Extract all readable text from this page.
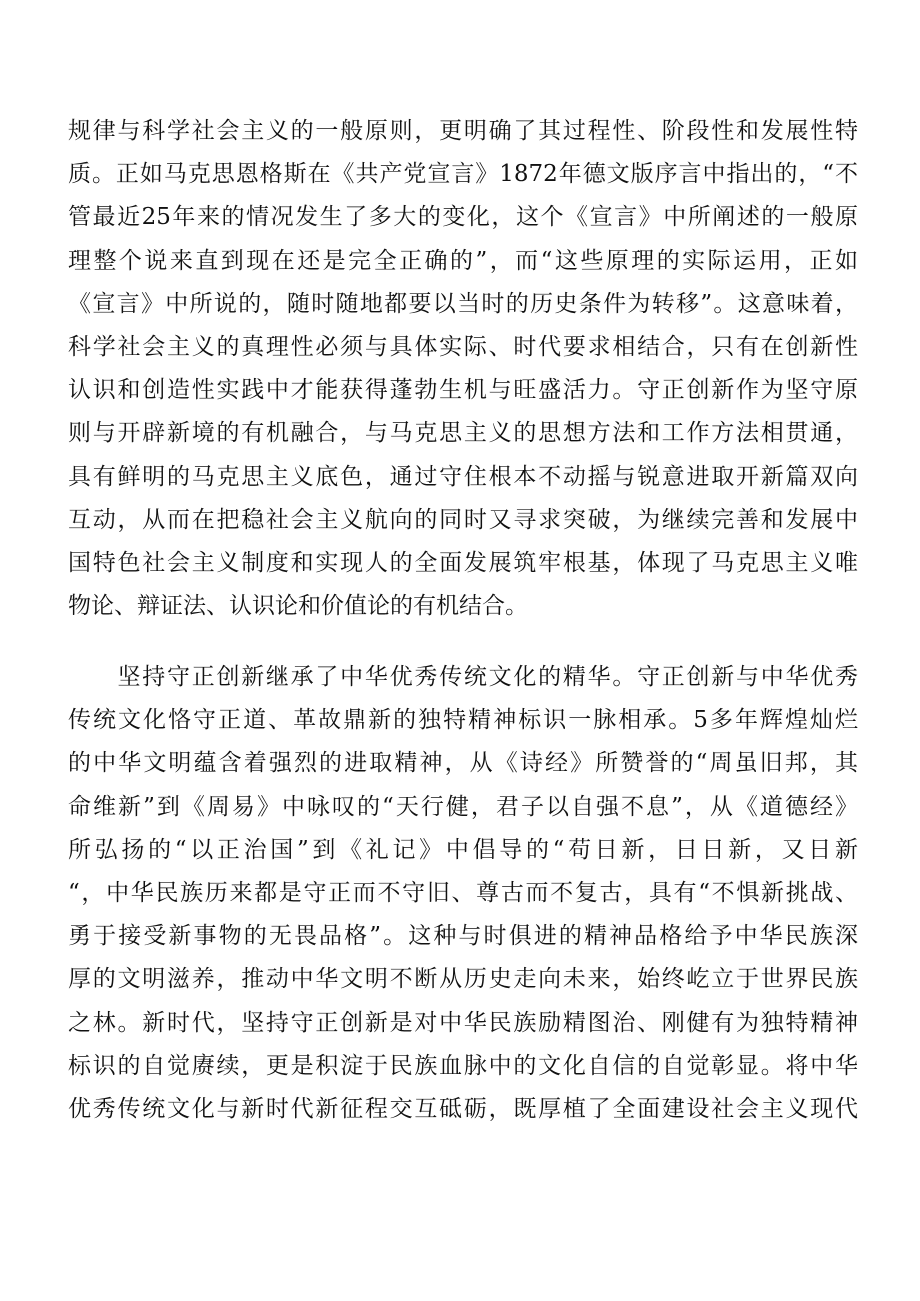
规律与科学社会主义的一般原则，更明确了其过程性、阶段性和发展性特
质。正如马克思恩格斯在《共产党宣言》1872年德文版序言中指出的，“不
管最近25年来的情况发生了多大的变化，这个《宣言》中所阐述的一般原
理整个说来直到现在还是完全正确的”，而“这些原理的实际运用，正如
《宣言》中所说的，随时随地都要以当时的历史条件为转移”。这意味着，
科学社会主义的真理性必须与具体实际、时代要求相结合，只有在创新性
认识和创造性实践中才能获得蓬勃生机与旺盛活力。守正创新作为坚守原
则与开辟新境的有机融合，与马克思主义的思想方法和工作方法相贯通，
具有鲜明的马克思主义底色，通过守住根本不动摇与锐意进取开新篇双向
互动，从而在把稳社会主义航向的同时又寻求突破，为继续完善和发展中
国特色社会主义制度和实现人的全面发展筑牢根基，体现了马克思主义唯
物论、辩证法、认识论和价值论的有机结合。
　　坚持守正创新继承了中华优秀传统文化的精华。守正创新与中华优秀
传统文化恪守正道、革故鼎新的独特精神标识一脉相承。5多年辉煌灿烂
的中华文明蕴含着强烈的进取精神，从《诗经》所赞誉的“周虽旧邦，其
命维新”到《周易》中咏叹的“天行健，君子以自强不息”，从《道德经》
所弘扬的“以正治国”到《礼记》中倡导的“苟日新，日日新，又日新
“，中华民族历来都是守正而不守旧、尊古而不复古，具有“不惧新挑战、
勇于接受新事物的无畏品格”。这种与时俱进的精神品格给予中华民族深
厚的文明滋养，推动中华文明不断从历史走向未来，始终屹立于世界民族
之林。新时代，坚持守正创新是对中华民族励精图治、刚健有为独特精神
标识的自觉赓续，更是积淀于民族血脉中的文化自信的自觉彰显。将中华
优秀传统文化与新时代新征程交互砥砺，既厚植了全面建设社会主义现代
